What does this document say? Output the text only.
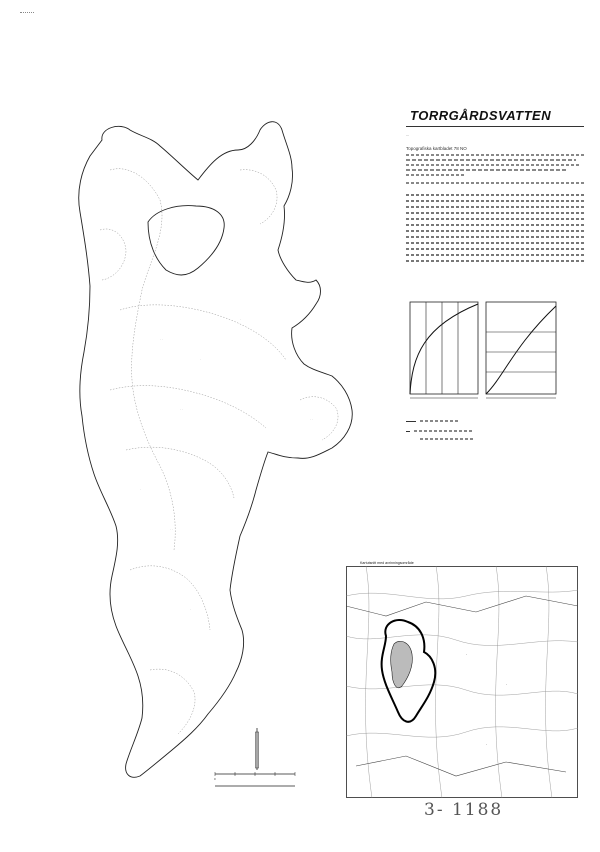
· ·
·
· ·
·
· ·
·
·
· ·
·
0
TORRGÅRDSVATTEN
...
Topografiska kartbladet 78 NO
Kartutsnitt med avrinningsområde
·
·
·
3- 1188
